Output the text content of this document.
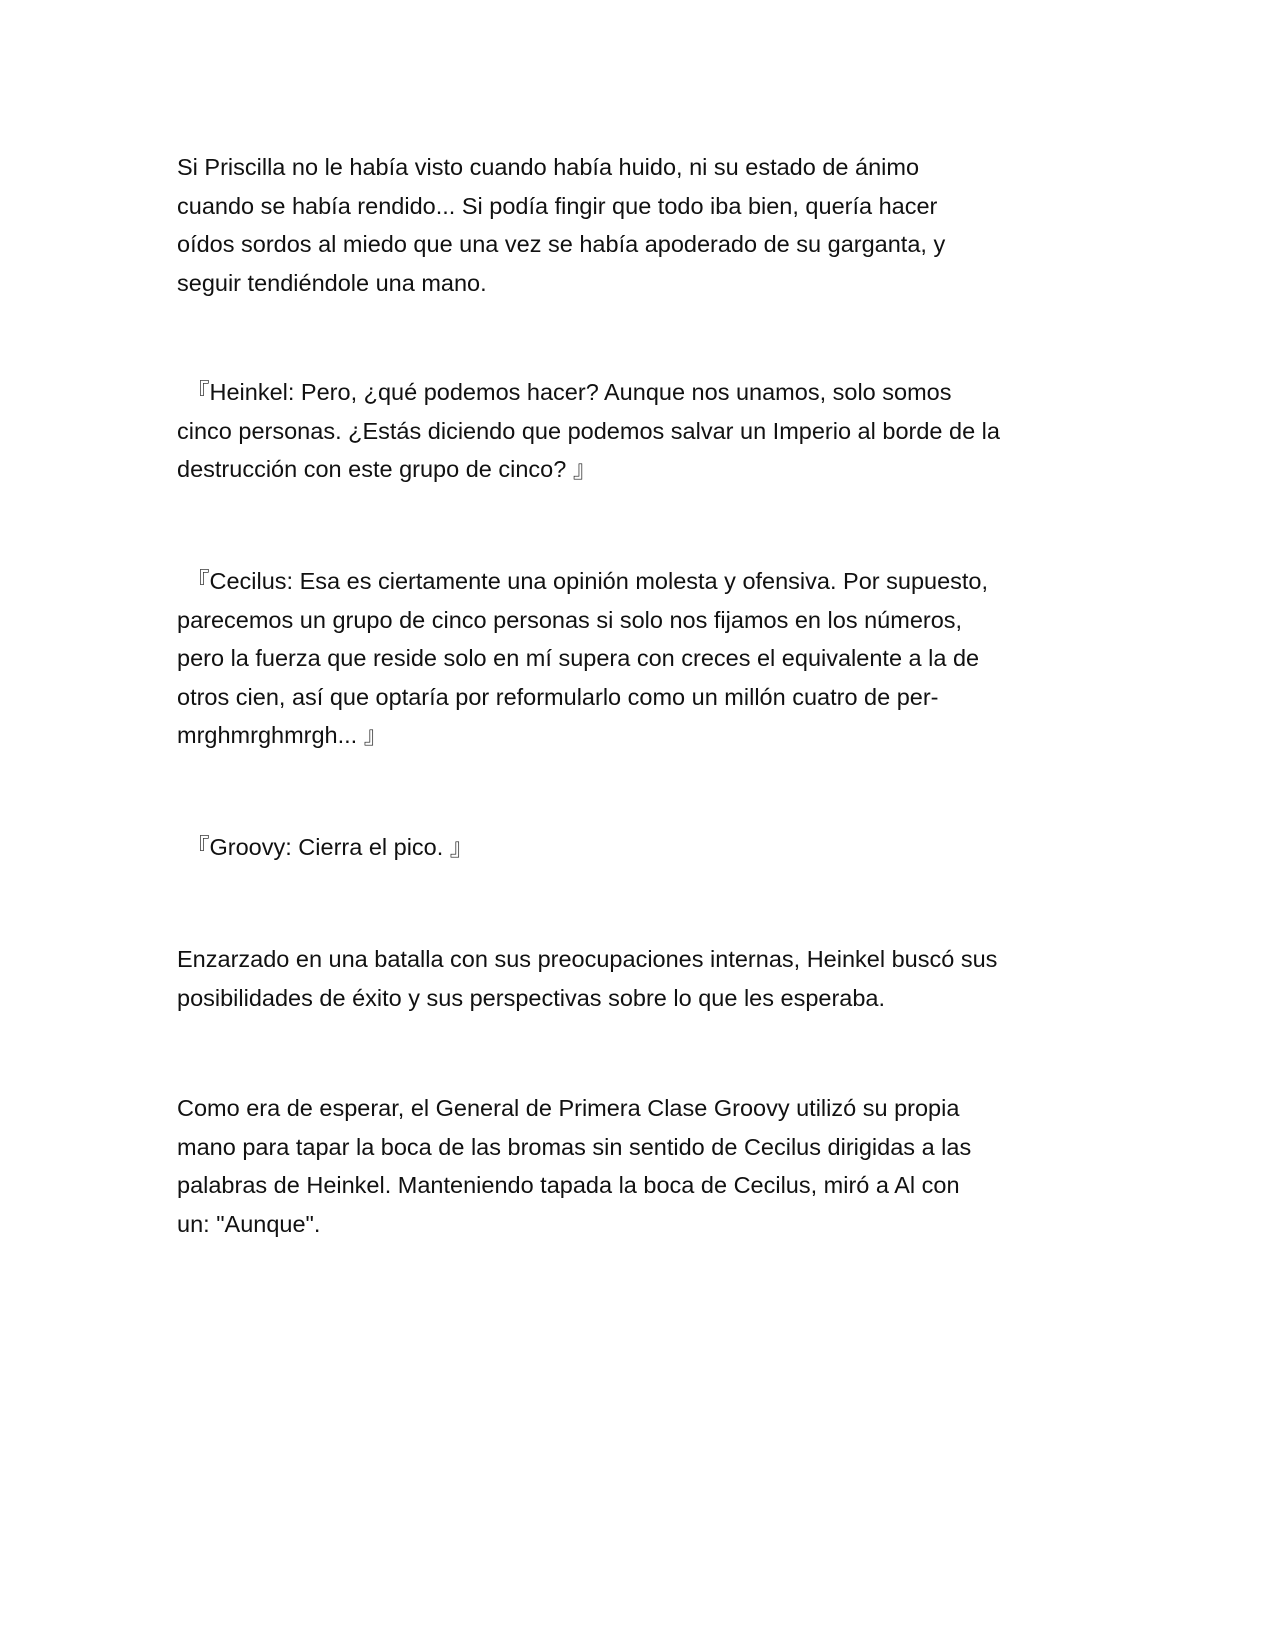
Si Priscilla no le había visto cuando había huido, ni su estado de ánimo
cuando se había rendido... Si podía fingir que todo iba bien, quería hacer
oídos sordos al miedo que una vez se había apoderado de su garganta, y
seguir tendiéndole una mano.

『Heinkel: Pero, ¿qué podemos hacer? Aunque nos unamos, solo somos
cinco personas. ¿Estás diciendo que podemos salvar un Imperio al borde de la
destrucción con este grupo de cinco? 』

『Cecilus: Esa es ciertamente una opinión molesta y ofensiva. Por supuesto,
parecemos un grupo de cinco personas si solo nos fijamos en los números,
pero la fuerza que reside solo en mí supera con creces el equivalente a la de
otros cien, así que optaría por reformularlo como un millón cuatro de per-
mrghmrghmrgh... 』

『Groovy: Cierra el pico. 』

Enzarzado en una batalla con sus preocupaciones internas, Heinkel buscó sus
posibilidades de éxito y sus perspectivas sobre lo que les esperaba.

Como era de esperar, el General de Primera Clase Groovy utilizó su propia
mano para tapar la boca de las bromas sin sentido de Cecilus dirigidas a las
palabras de Heinkel. Manteniendo tapada la boca de Cecilus, miró a Al con
un: "Aunque".
